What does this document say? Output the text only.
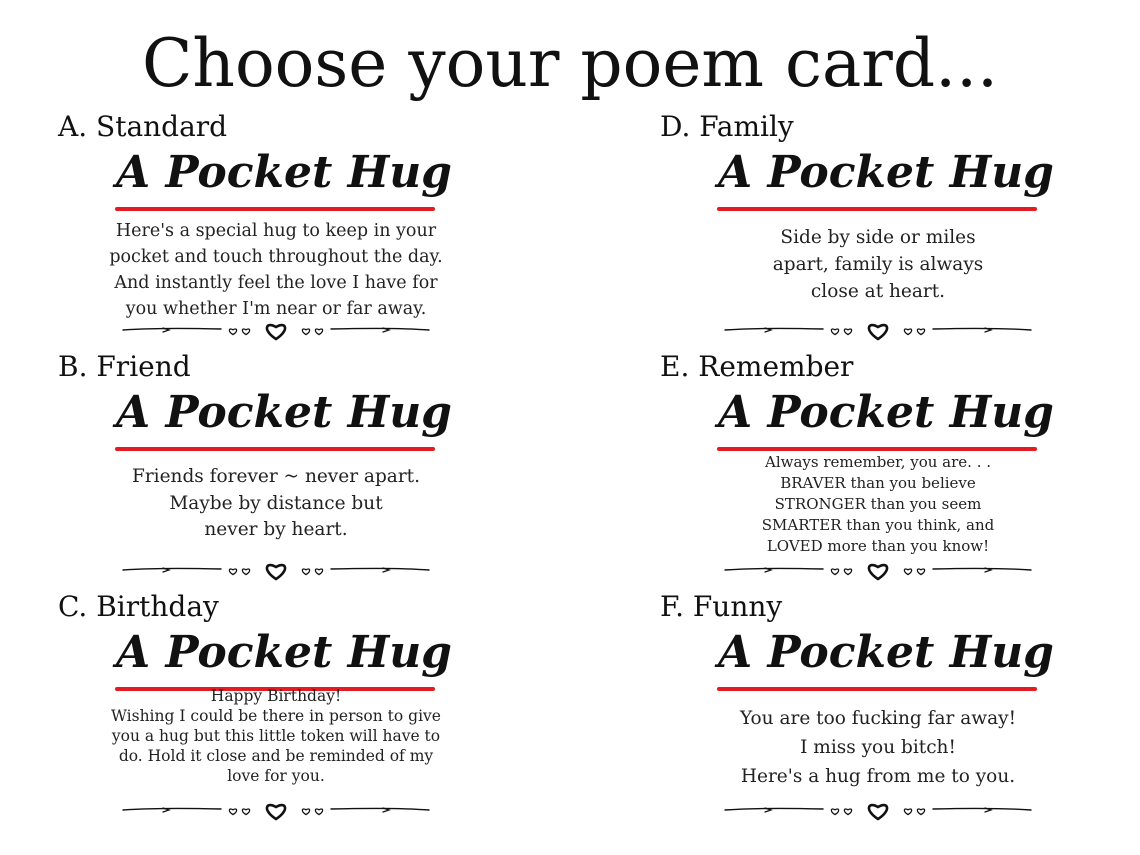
Choose your poem card...
A. Standard
A Pocket Hug
Here's a special hug to keep in your
pocket and touch throughout the day.
And instantly feel the love I have for
you whether I'm near or far away.
B. Friend
A Pocket Hug
Friends forever ~ never apart.
Maybe by distance but
never by heart.
C. Birthday
A Pocket Hug
Happy Birthday!
Wishing I could be there in person to give
you a hug but this little token will have to
do. Hold it close and be reminded of my
love for you.
D. Family
A Pocket Hug
Side by side or miles
apart, family is always
close at heart.
E. Remember
A Pocket Hug
Always remember, you are. . .
BRAVER than you believe
STRONGER than you seem
SMARTER than you think, and
LOVED more than you know!
F. Funny
A Pocket Hug
You are too fucking far away!
I miss you bitch!
Here's a hug from me to you.
